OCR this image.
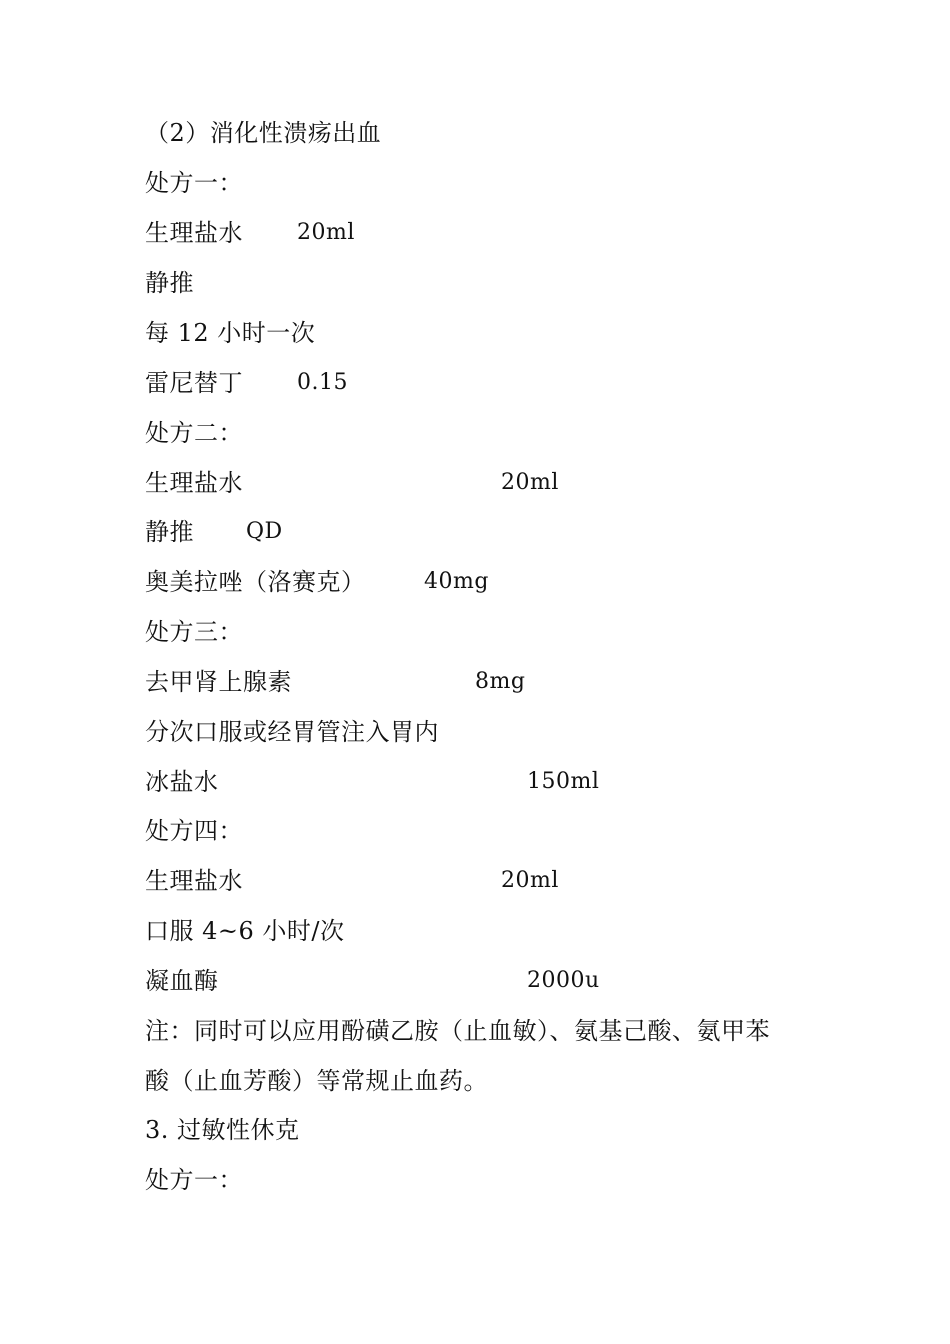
（2）消化性溃疡出血
处方一：
生理盐水 20ml
静推
每 12 小时一次
雷尼替丁 0.15
处方二：
生理盐水	20ml
静推 QD
奥美拉唑（洛赛克）	40mg
处方三：
去甲肾上腺素	8mg
分次口服或经胃管注入胃内
冰盐水	150ml
处方四：
生理盐水	20ml
口服 4~6 小时/次
凝血酶	2000u
注：同时可以应用酚磺乙胺（止血敏）、氨基己酸、氨甲苯
酸（止血芳酸）等常规止血药。
3. 过敏性休克
处方一：
